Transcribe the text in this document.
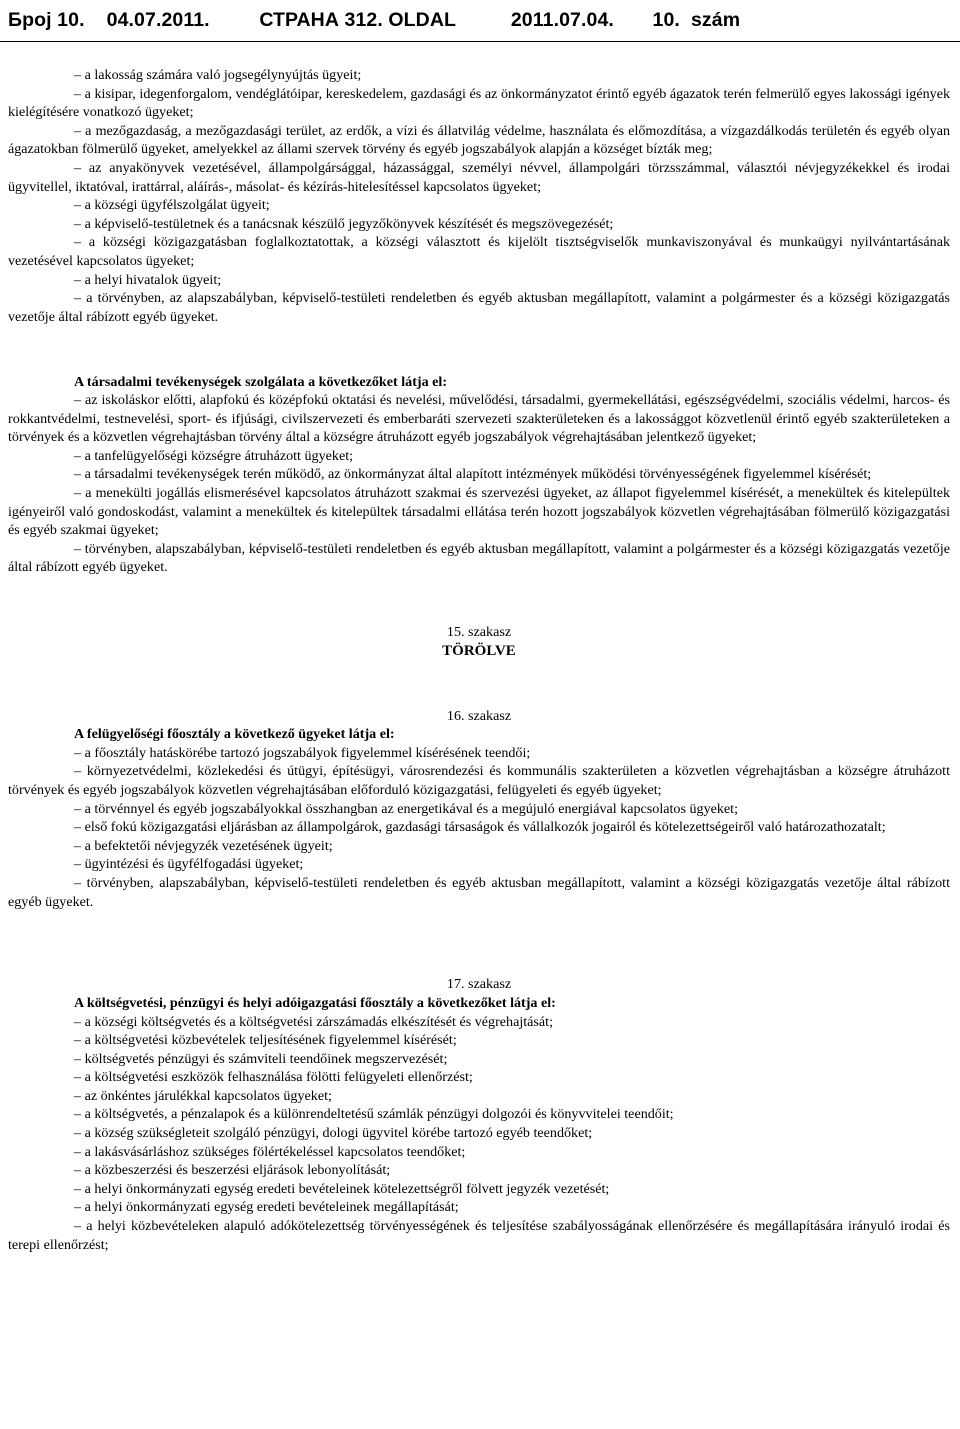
Број 10.    04.07.2011.         СТРАНА 312. OLDAL          2011.07.04.       10.  szám

– a lakosság számára való jogsegélynyújtás ügyeit;

– a kisipar, idegenforgalom, vendéglátóipar, kereskedelem, gazdasági és az önkormányzatot érintő egyéb ágazatok terén felmerülő egyes lakossági igények kielégítésére vonatkozó ügyeket;

– a mezőgazdaság, a mezőgazdasági terület, az erdők, a vízi és állatvilág védelme, használata és előmozdítása, a vízgazdálkodás területén és egyéb olyan ágazatokban fölmerülő ügyeket, amelyekkel az állami szervek törvény és egyéb jogszabályok alapján a községet bízták meg;

– az anyakönyvek vezetésével, állampolgársággal, házassággal, személyi névvel, állampolgári törzsszámmal, választói névjegyzékekkel és irodai ügyvitellel, iktatóval, irattárral, aláírás-, másolat- és kézírás-hitelesítéssel kapcsolatos ügyeket;

– a községi ügyfélszolgálat ügyeit;

– a képviselő-testületnek és a tanácsnak készülő jegyzőkönyvek készítését és megszövegezését;

– a községi közigazgatásban foglalkoztatottak, a községi választott és kijelölt tisztségviselők munkaviszonyával és munkaügyi nyilvántartásának vezetésével kapcsolatos ügyeket;

– a helyi hivatalok ügyeit;

– a törvényben, az alapszabályban, képviselő-testületi rendeletben és egyéb aktusban megállapított, valamint a polgármester és a községi közigazgatás vezetője által rábízott egyéb ügyeket.

A társadalmi tevékenységek szolgálata a következőket látja el:

– az iskoláskor előtti, alapfokú és középfokú oktatási és nevelési, művelődési, társadalmi, gyermekellátási, egészségvédelmi, szociális védelmi, harcos- és rokkantvédelmi, testnevelési, sport- és ifjúsági, civilszervezeti és emberbaráti szervezeti szakterületeken és a lakossággot közvetlenül érintő egyéb szakterületeken a törvények és a közvetlen végrehajtásban törvény által a községre átruházott egyéb jogszabályok végrehajtásában jelentkező ügyeket;

– a tanfelügyelőségi községre átruházott ügyeket;

– a társadalmi tevékenységek terén működő, az önkormányzat által alapított intézmények működési törvényességének figyelemmel kísérését;

– a menekülti jogállás elismerésével kapcsolatos átruházott szakmai és szervezési ügyeket, az állapot figyelemmel kísérését, a menekültek és kitelepültek igényeiről való gondoskodást, valamint a menekültek és kitelepültek társadalmi ellátása terén hozott jogszabályok közvetlen végrehajtásában fölmerülő közigazgatási és egyéb szakmai ügyeket;

– törvényben, alapszabályban, képviselő-testületi rendeletben és egyéb aktusban megállapított, valamint a polgármester és a községi közigazgatás vezetője által rábízott egyéb ügyeket.

15. szakasz

TÖRÖLVE

16. szakasz

A felügyelőségi főosztály a következő ügyeket látja el:

– a főosztály hatáskörébe tartozó jogszabályok figyelemmel kísérésének teendői;

– környezetvédelmi, közlekedési és útügyi, építésügyi, városrendezési és kommunális szakterületen a közvetlen végrehajtásban a községre átruházott törvények és egyéb jogszabályok közvetlen végrehajtásában előforduló közigazgatási, felügyeleti és egyéb ügyeket;

– a törvénnyel és egyéb jogszabályokkal összhangban az energetikával és a megújuló energiával kapcsolatos ügyeket;

– első fokú közigazgatási eljárásban az állampolgárok, gazdasági társaságok és vállalkozók jogairól és kötelezettségeiről való határozathozatalt;

– a befektetői névjegyzék vezetésének ügyeit;

– ügyintézési és ügyfélfogadási ügyeket;

– törvényben, alapszabályban, képviselő-testületi rendeletben és egyéb aktusban megállapított, valamint a községi közigazgatás vezetője által rábízott egyéb ügyeket.

17. szakasz

A költségvetési, pénzügyi és helyi adóigazgatási főosztály a következőket látja el:

– a községi költségvetés és a költségvetési zárszámadás elkészítését és végrehajtását;

– a költségvetési közbevételek teljesítésének figyelemmel kísérését;

– költségvetés pénzügyi és számviteli teendőinek megszervezését;

– a költségvetési eszközök felhasználása fölötti felügyeleti ellenőrzést;

– az önkéntes járulékkal kapcsolatos ügyeket;

– a költségvetés, a pénzalapok és a különrendeltetésű számlák pénzügyi dolgozói és könyvvitelei teendőit;

– a község szükségleteit szolgáló pénzügyi, dologi ügyvitel körébe tartozó egyéb teendőket;

– a lakásvásárláshoz szükséges fölértékeléssel kapcsolatos teendőket;

– a közbeszerzési és beszerzési eljárások lebonyolítását;

– a helyi önkormányzati egység eredeti bevételeinek kötelezettségről fölvett jegyzék vezetését;

– a helyi önkormányzati egység eredeti bevételeinek megállapítását;

– a helyi közbevételeken alapuló adókötelezettség törvényességének és teljesítése szabályosságának ellenőrzésére és megállapítására irányuló irodai és terepi ellenőrzést;
